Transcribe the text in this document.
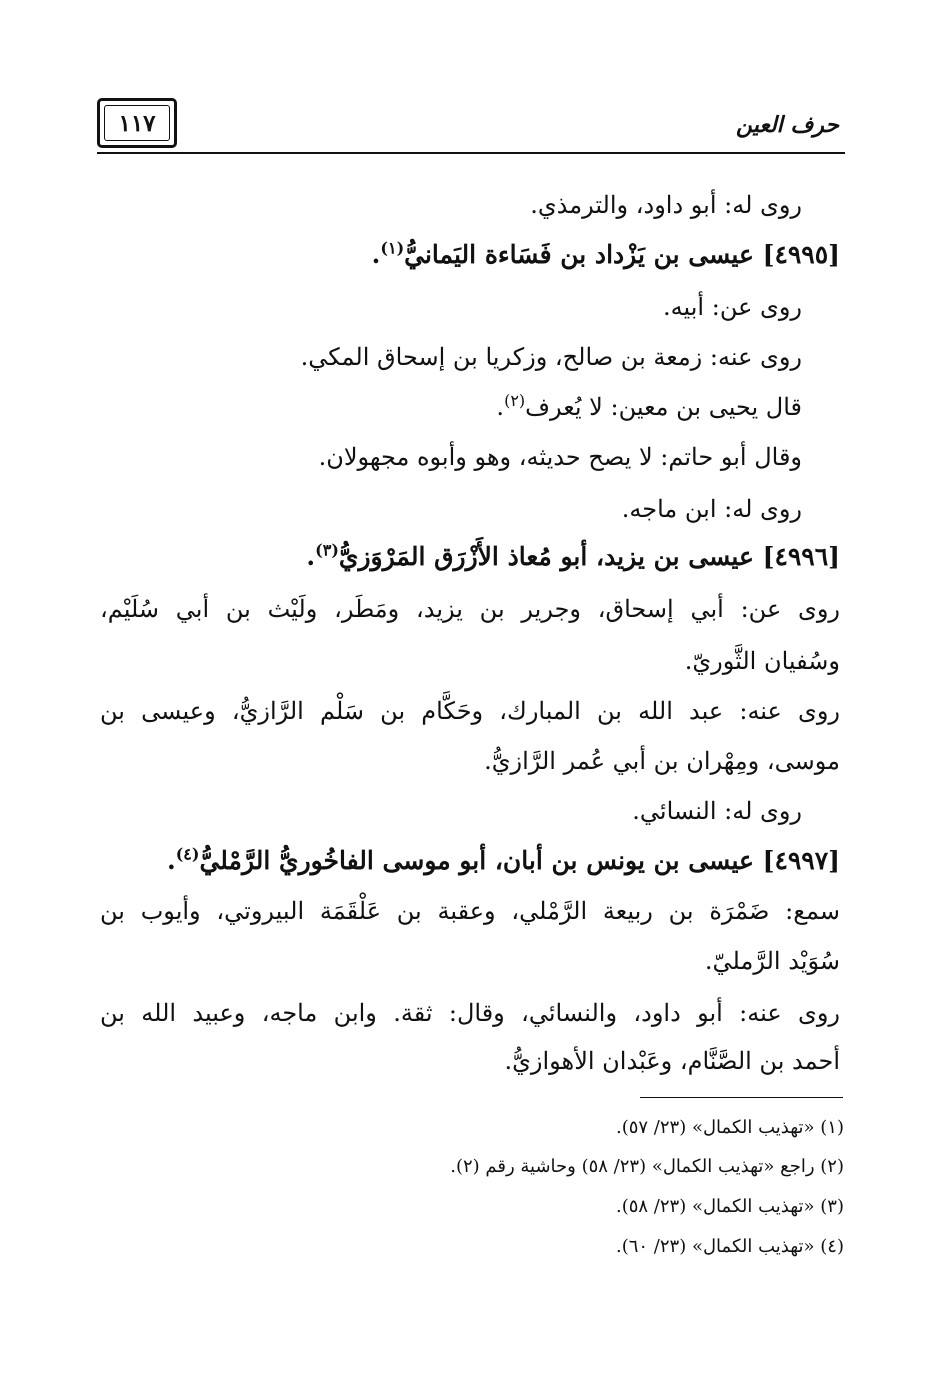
١١٧	حرف العين
روى له: أبو داود، والترمذي.
[٤٩٩٥] عيسى بن يَزْداد بن فَسَاءة اليَمانيُّ$^{(١)}$.
روى عن: أبيه.
روى عنه: زمعة بن صالح، وزكريا بن إسحاق المكي.
قال يحيى بن معين: لا يُعرف$^{(٢)}$.
وقال أبو حاتم: لا يصح حديثه، وهو وأبوه مجهولان.
روى له: ابن ماجه.
[٤٩٩٦] عيسى بن يزيد، أبو مُعاذ الأَزْرَق المَرْوَزيُّ$^{(٣)}$.
روى عن: أبي إسحاق، وجرير بن يزيد، ومَطَر، ولَيْث بن أبي سُلَيْم،
وسُفيان الثَّوريّ.
روى عنه: عبد الله بن المبارك، وحَكَّام بن سَلْم الرَّازيُّ، وعيسى بن
موسى، ومِهْران بن أبي عُمر الرَّازيُّ.
روى له: النسائي.
[٤٩٩٧] عيسى بن يونس بن أبان، أبو موسى الفاخُوريُّ الرَّمْليُّ$^{(٤)}$.
سمع: ضَمْرَة بن ربيعة الرَّمْلي، وعقبة بن عَلْقَمَة البيروتي، وأيوب بن
سُوَيْد الرَّمليّ.
روى عنه: أبو داود، والنسائي، وقال: ثقة. وابن ماجه، وعبيد الله بن
أحمد بن الصَّنَّام، وعَبْدان الأهوازيُّ.
(١) «تهذيب الكمال» (٢٣/ ٥٧).
(٢) راجع «تهذيب الكمال» (٢٣/ ٥٨) وحاشية رقم (٢).
(٣) «تهذيب الكمال» (٢٣/ ٥٨).
(٤) «تهذيب الكمال» (٢٣/ ٦٠).
